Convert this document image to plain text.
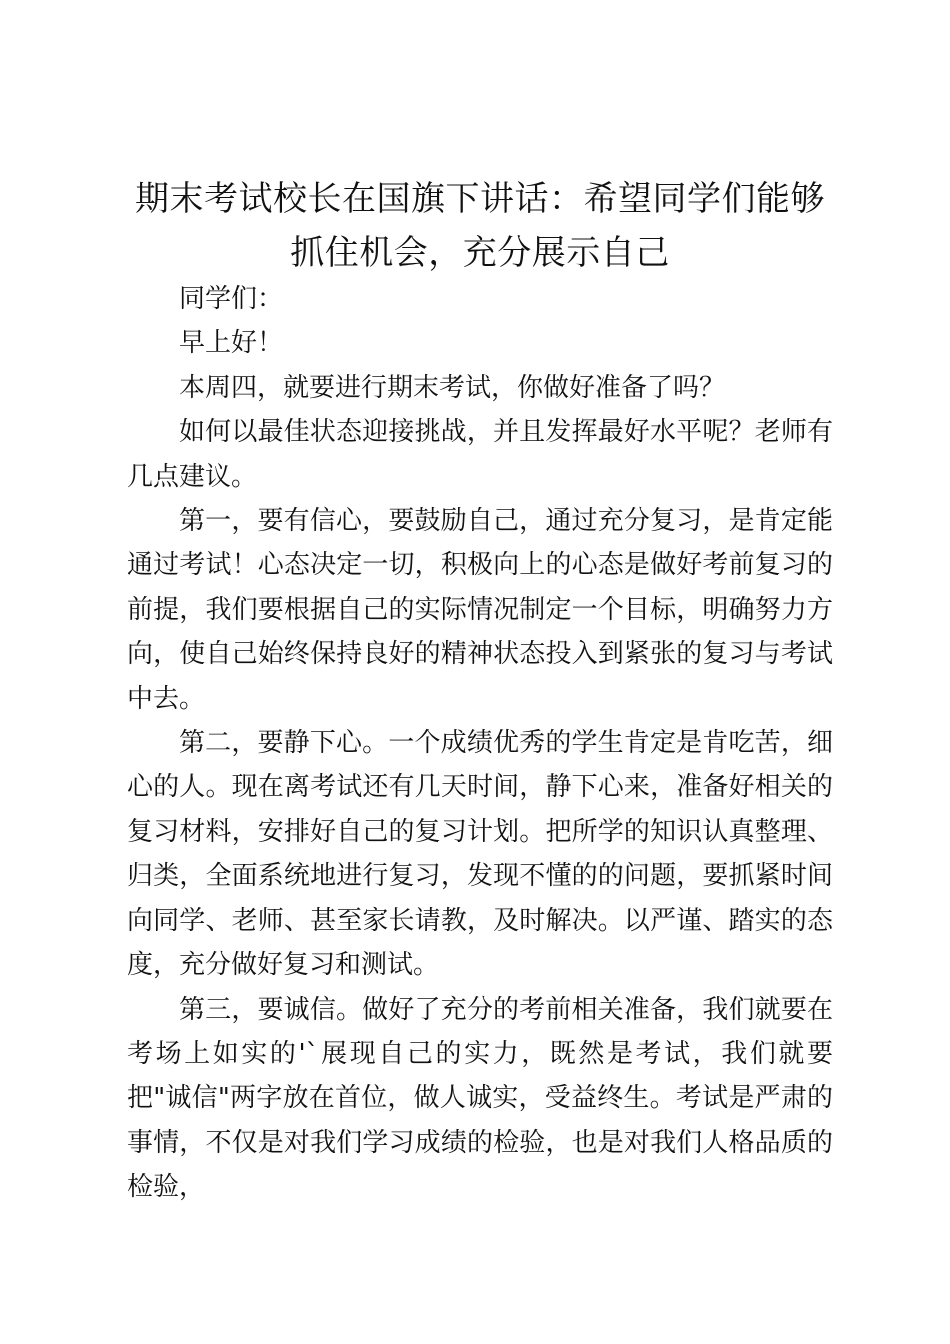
期末考试校长在国旗下讲话：希望同学们能够抓住机会，充分展示自己

同学们：

早上好！

本周四，就要进行期末考试，你做好准备了吗？

如何以最佳状态迎接挑战，并且发挥最好水平呢？老师有几点建议。

第一，要有信心，要鼓励自己，通过充分复习，是肯定能通过考试！心态决定一切，积极向上的心态是做好考前复习的前提，我们要根据自己的实际情况制定一个目标，明确努力方向，使自己始终保持良好的精神状态投入到紧张的复习与考试中去。

第二，要静下心。一个成绩优秀的学生肯定是肯吃苦，细心的人。现在离考试还有几天时间，静下心来，准备好相关的复习材料，安排好自己的复习计划。把所学的知识认真整理、归类，全面系统地进行复习，发现不懂的的问题，要抓紧时间向同学、老师、甚至家长请教，及时解决。以严谨、踏实的态度，充分做好复习和测试。

第三，要诚信。做好了充分的考前相关准备，我们就要在考场上如实的'`展现自己的实力，既然是考试，我们就要把"诚信"两字放在首位，做人诚实，受益终生。考试是严肃的事情，不仅是对我们学习成绩的检验，也是对我们人格品质的检验，
